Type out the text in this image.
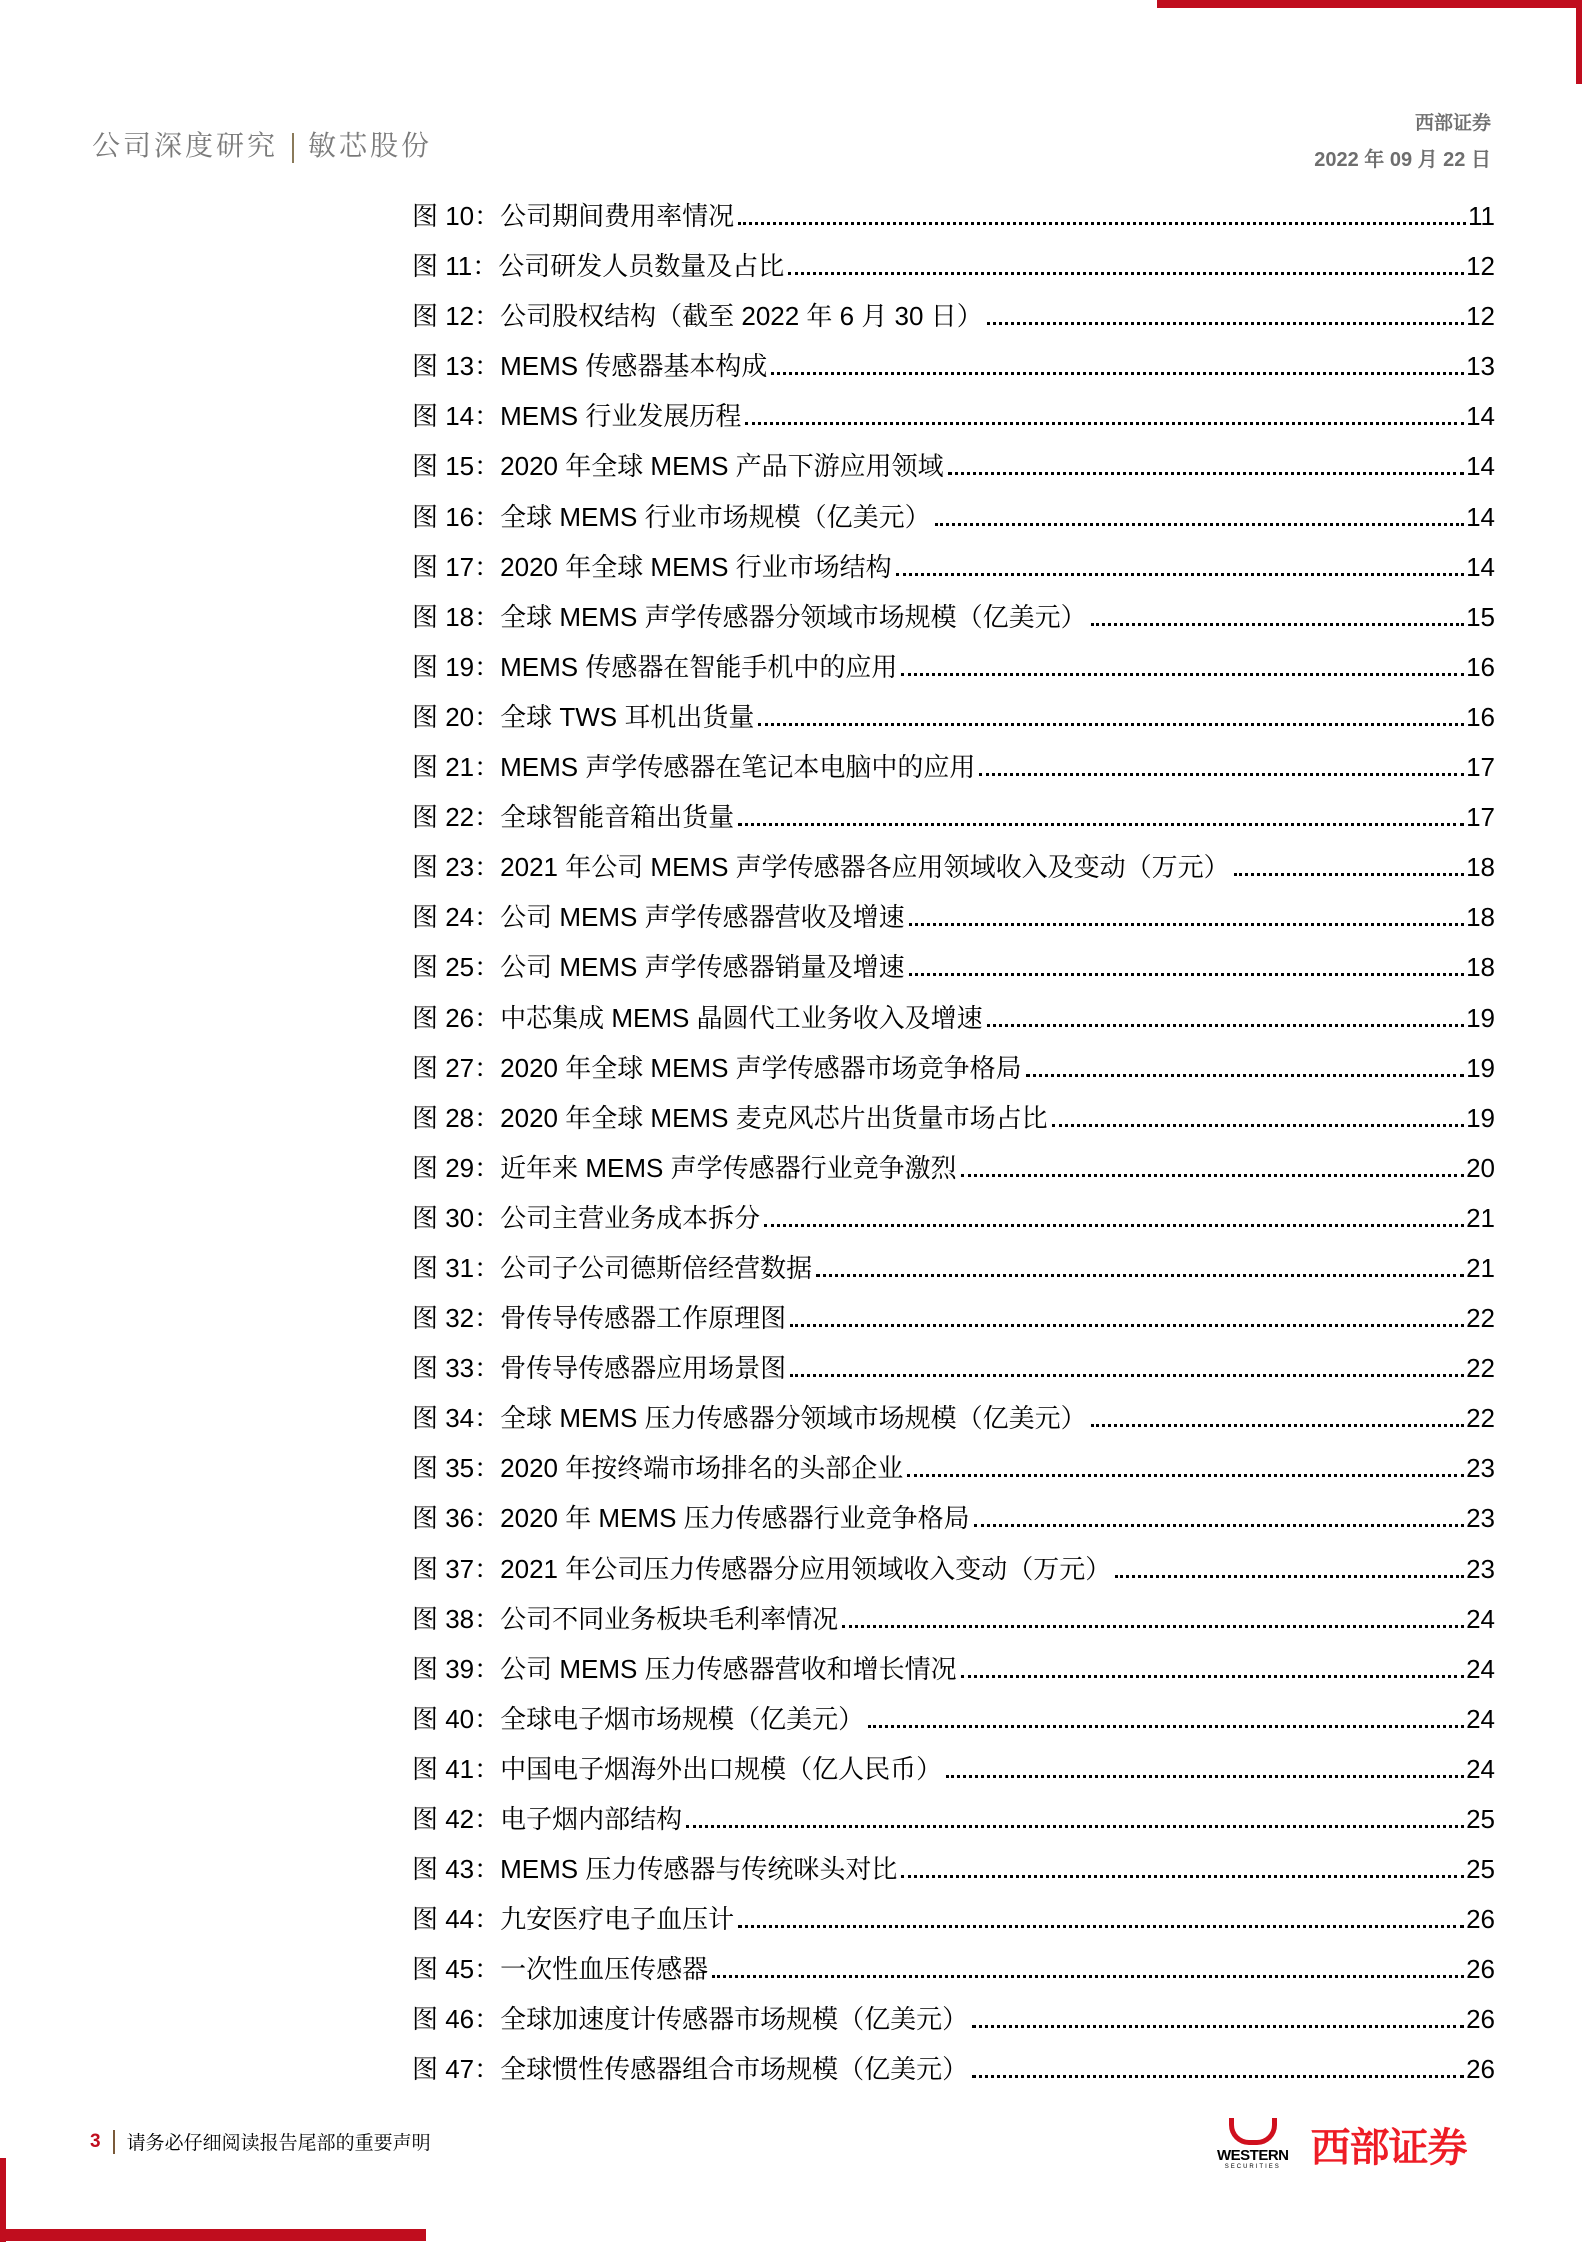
公司深度研究 敏芯股份
西部证券
2022 年 09 月 22 日
图 10：公司期间费用率情况	11
图 11：公司研发人员数量及占比	12
图 12：公司股权结构（截至 2022 年 6 月 30 日）	12
图 13：MEMS 传感器基本构成	13
图 14：MEMS 行业发展历程	14
图 15：2020 年全球 MEMS 产品下游应用领域	14
图 16：全球 MEMS 行业市场规模（亿美元）	14
图 17：2020 年全球 MEMS 行业市场结构	14
图 18：全球 MEMS 声学传感器分领域市场规模（亿美元）	15
图 19：MEMS 传感器在智能手机中的应用	16
图 20：全球 TWS 耳机出货量	16
图 21：MEMS 声学传感器在笔记本电脑中的应用	17
图 22：全球智能音箱出货量	17
图 23：2021 年公司 MEMS 声学传感器各应用领域收入及变动（万元）	18
图 24：公司 MEMS 声学传感器营收及增速	18
图 25：公司 MEMS 声学传感器销量及增速	18
图 26：中芯集成 MEMS 晶圆代工业务收入及增速	19
图 27：2020 年全球 MEMS 声学传感器市场竞争格局	19
图 28：2020 年全球 MEMS 麦克风芯片出货量市场占比	19
图 29：近年来 MEMS 声学传感器行业竞争激烈	20
图 30：公司主营业务成本拆分	21
图 31：公司子公司德斯倍经营数据	21
图 32：骨传导传感器工作原理图	22
图 33：骨传导传感器应用场景图	22
图 34：全球 MEMS 压力传感器分领域市场规模（亿美元）	22
图 35：2020 年按终端市场排名的头部企业	23
图 36：2020 年 MEMS 压力传感器行业竞争格局	23
图 37：2021 年公司压力传感器分应用领域收入变动（万元）	23
图 38：公司不同业务板块毛利率情况	24
图 39：公司 MEMS 压力传感器营收和增长情况	24
图 40：全球电子烟市场规模（亿美元）	24
图 41：中国电子烟海外出口规模（亿人民币）	24
图 42：电子烟内部结构	25
图 43：MEMS 压力传感器与传统咪头对比	25
图 44：九安医疗电子血压计	26
图 45：一次性血压传感器	26
图 46：全球加速度计传感器市场规模（亿美元）	26
图 47：全球惯性传感器组合市场规模（亿美元）	26
3 请务必仔细阅读报告尾部的重要声明
WESTERN
SECURITIES 西部证券
